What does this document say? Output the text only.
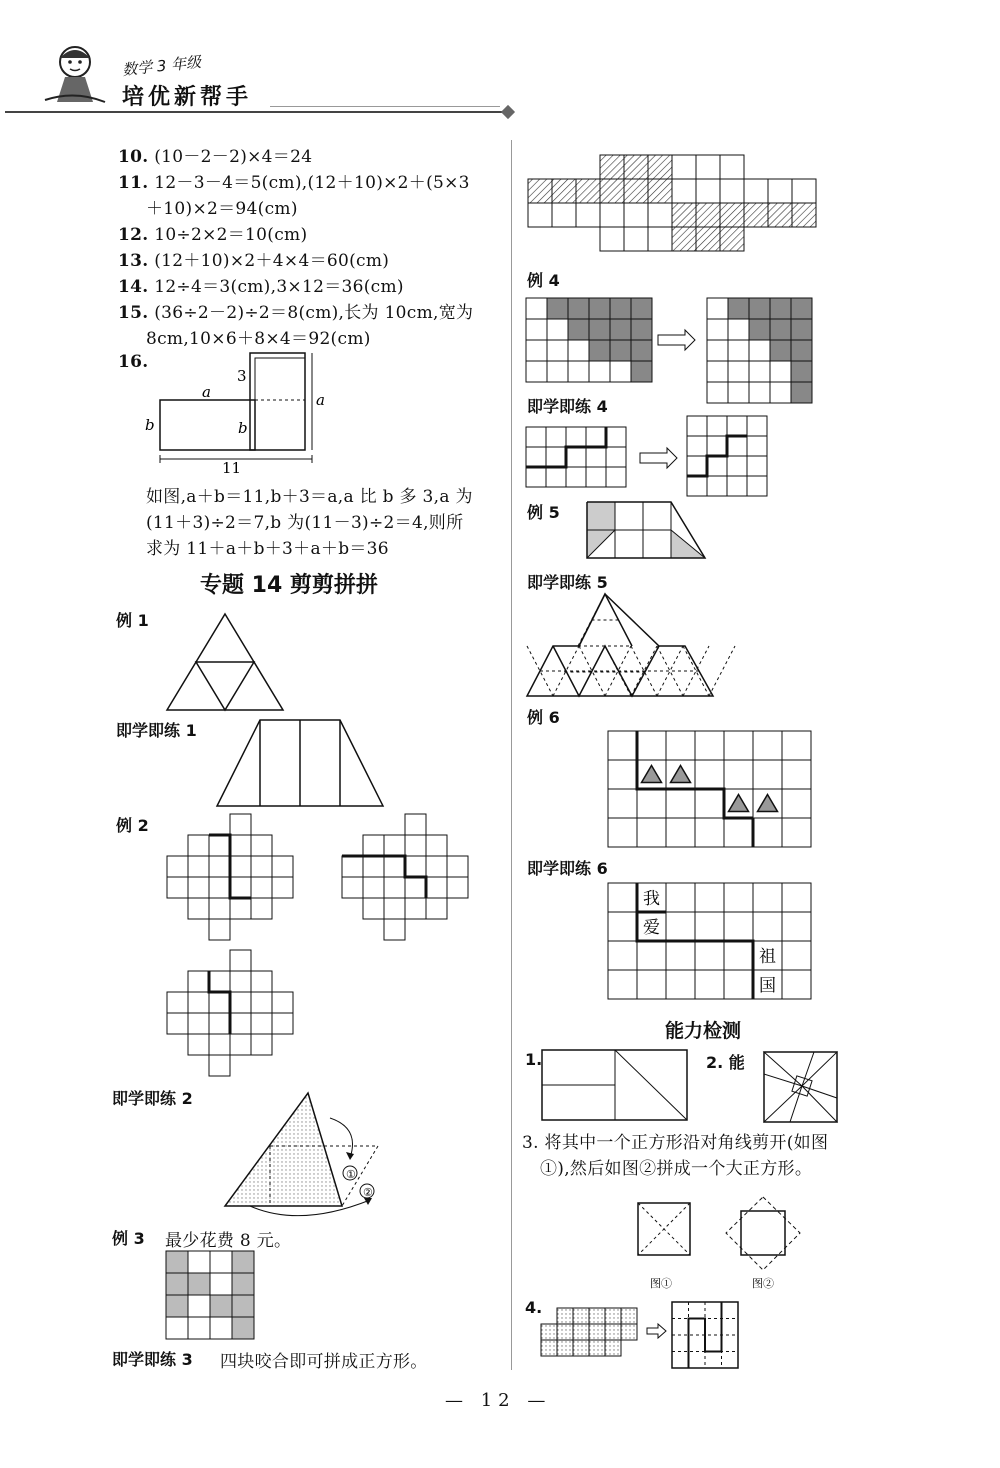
数学 3 年级
培优新帮手
10. (10－2－2)×4＝24
11. 12－3－4＝5(cm),(12＋10)×2＋(5×3
＋10)×2＝94(cm)
12. 10÷2×2＝10(cm)
13. (12＋10)×2＋4×4＝60(cm)
14. 12÷4＝3(cm),3×12＝36(cm)
15. (36÷2－2)÷2＝8(cm),长为 10cm,宽为
8cm,10×6＋8×4＝92(cm)
16.
a
b	b
3
a
11
如图,a＋b＝11,b＋3＝a,a 比 b 多 3,a 为
(11＋3)÷2＝7,b 为(11－3)÷2＝4,则所
求为 11＋a＋b＋3＋a＋b＝36
专题 14 剪剪拼拼
例 1
即学即练 1
例 2
即学即练 2
①
②
例 3 最少花费 8 元。
即学即练 3 四块咬合即可拼成正方形。
例 4
即学即练 4
例 5
即学即练 5
例 6
即学即练 6
我
爱
祖
国
能力检测
1.	2. 能
3. 将其中一个正方形沿对角线剪开(如图
①),然后如图②拼成一个大正方形。
图①	图②
4.
— 12 —
